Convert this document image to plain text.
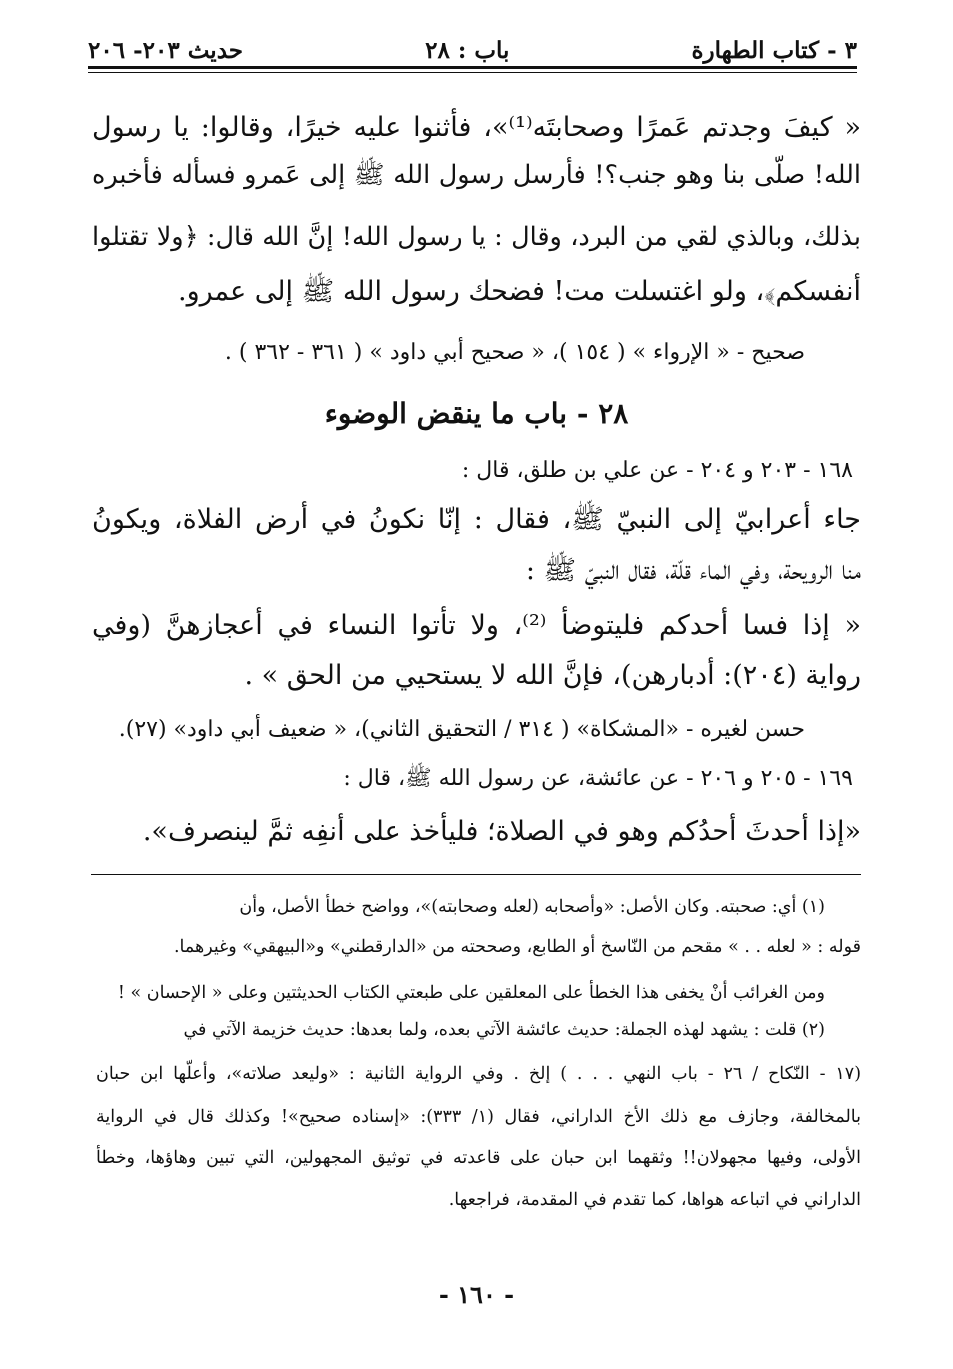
٣ - كتاب الطهارة
باب : ٢٨
حديث ٢٠٣- ٢٠٦
« كيفَ وجدتم عَمرًا وصحابتَه⁽¹⁾»، فأثنوا عليه خيرًا، وقالوا: يا رسول
الله! صلّى بنا وهو جنب؟! فأرسل رسول الله ﷺ إلى عَمرو فسأله فأخبره
بذلك، وبالذي لقي من البرد، وقال : يا رسول الله! إنَّ الله قال: ﴿ولا تقتلوا
أنفسكم﴾، ولو اغتسلت مت! فضحك رسول الله ﷺ إلى عمرو.
صحيح - « الإرواء » ( ١٥٤ )، « صحيح أبي داود » ( ٣٦١ - ٣٦٢ ) .
٢٨ - باب ما ينقض الوضوء
١٦٨ - ٢٠٣ و ٢٠٤ - عن علي بن طلق، قال :
جاء أعرابيّ إلى النبيّ ﷺ، فقال : إنّا نكونُ في أرض الفلاة، ويكونُ
منا الرويحة، وفي الماء قلّة، فقال النبيّ ﷺ :
« إذا فسا أحدكم فليتوضأ ⁽²⁾، ولا تأتوا النساء في أعجازهنَّ (وفي
رواية (٢٠٤): أدبارهن)، فإنَّ الله لا يستحيي من الحق » .
حسن لغيره - «المشكاة» ( ٣١٤ / التحقيق الثاني)، « ضعيف أبي داود» (٢٧).
١٦٩ - ٢٠٥ و ٢٠٦ - عن عائشة، عن رسول الله ﷺ، قال :
«إذا أحدثَ أحدُكم وهو في الصلاة؛ فليأخذ على أنفِه ثمَّ لينصرف».
(١) أي: صحبته. وكان الأصل: «وأصحابه (لعله وصحابته)»، وواضح خطأ الأصل، وأن
قوله : « لعله . . » مقحم من النّاسخ أو الطابع، وصححته من «الدارقطني» و«البيهقي» وغيرهما.
ومن الغرائب أنْ يخفى هذا الخطأ على المعلقين على طبعتي الكتاب الحديثتين وعلى « الإحسان » !
(٢) قلت : يشهد لهذه الجملة: حديث عائشة الآتي بعده، ولما بعدها: حديث خزيمة الآتي في
(١٧ - النّكاح / ٢٦ - باب النهي . . . ) إلخ . وفي الرواية الثانية : «وليعد صلاته»، وأعلّها ابن حبان
بالمخالفة، وجازف مع ذلك الأخ الداراني، فقال (١/ ٣٣٣): «إسناده صحيح»! وكذلك قال في الرواية
الأولى، وفيها مجهولان!! وثقهما ابن حبان على قاعدته في توثيق المجهولين، التي تبين وهاؤها، وخطأ
الداراني في اتباعه هواها، كما تقدم في المقدمة، فراجعها.
- ١٦٠ -
